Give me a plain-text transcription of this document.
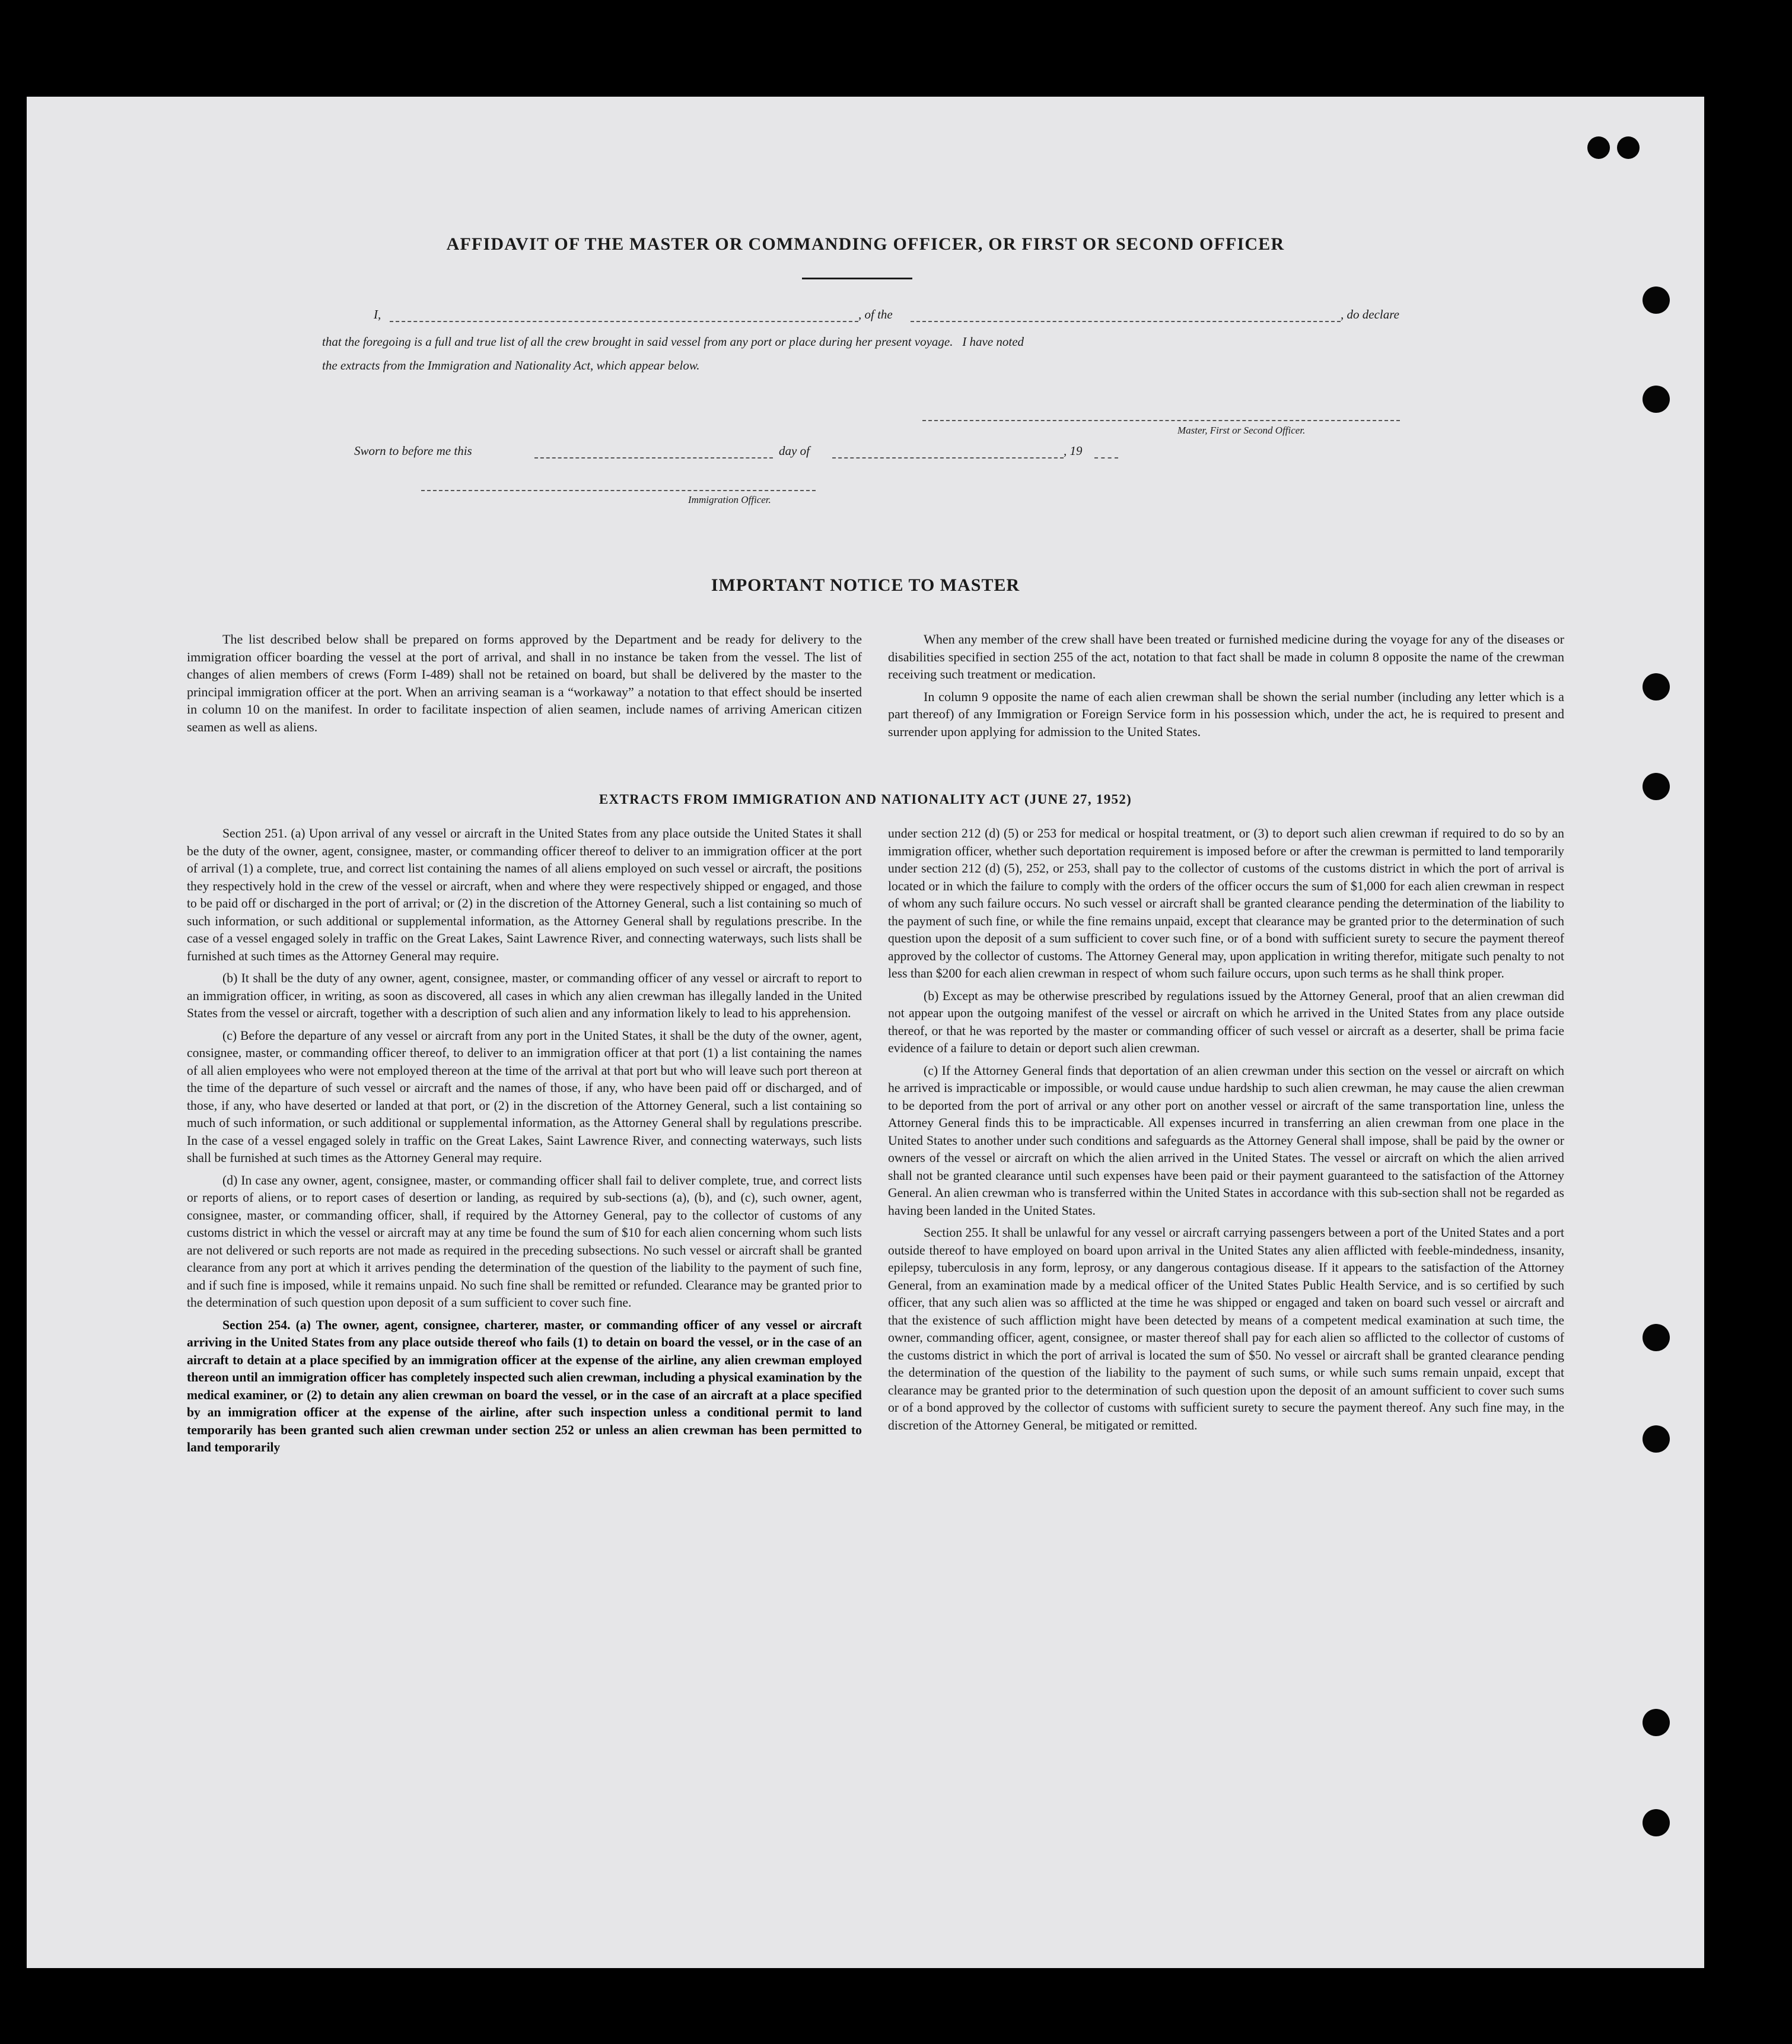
AFFIDAVIT OF THE MASTER OR COMMANDING OFFICER, OR FIRST OR SECOND OFFICER
I,	, of the	, do declare
that the foregoing is a full and true list of all the crew brought in said vessel from any port or place during her present voyage.   I have noted
the extracts from the Immigration and Nationality Act, which appear below.
Master, First or Second Officer.
Sworn to before me this	day of	, 19
Immigration Officer.
IMPORTANT NOTICE TO MASTER

The list described below shall be prepared on forms approved by the Department and be ready for delivery to the immigration officer boarding the vessel at the port of arrival, and shall in no instance be taken from the vessel. The list of changes of alien members of crews (Form I-489) shall not be retained on board, but shall be delivered by the master to the principal immigration officer at the port. When an arriving seaman is a “workaway” a notation to that effect should be inserted in column 10 on the manifest. In order to facilitate inspection of alien seamen, include names of arriving American citizen seamen as well as aliens.

When any member of the crew shall have been treated or furnished medicine during the voyage for any of the diseases or disabilities specified in section 255 of the act, notation to that fact shall be made in column 8 opposite the name of the crewman receiving such treatment or medication.

In column 9 opposite the name of each alien crewman shall be shown the serial number (including any letter which is a part thereof) of any Immigration or Foreign Service form in his possession which, under the act, he is required to present and surrender upon applying for admission to the United States.

EXTRACTS FROM IMMIGRATION AND NATIONALITY ACT (JUNE 27, 1952)

Section 251. (a) Upon arrival of any vessel or aircraft in the United States from any place outside the United States it shall be the duty of the owner, agent, consignee, master, or commanding officer thereof to deliver to an immigration officer at the port of arrival (1) a complete, true, and correct list containing the names of all aliens employed on such vessel or aircraft, the positions they respectively hold in the crew of the vessel or aircraft, when and where they were respectively shipped or engaged, and those to be paid off or discharged in the port of arrival; or (2) in the discretion of the Attorney General, such a list containing so much of such information, or such additional or supplemental information, as the Attorney General shall by regulations prescribe. In the case of a vessel engaged solely in traffic on the Great Lakes, Saint Lawrence River, and connecting waterways, such lists shall be furnished at such times as the Attorney General may require.

(b) It shall be the duty of any owner, agent, consignee, master, or commanding officer of any vessel or aircraft to report to an immigration officer, in writing, as soon as discovered, all cases in which any alien crewman has illegally landed in the United States from the vessel or aircraft, together with a description of such alien and any information likely to lead to his apprehension.

(c) Before the departure of any vessel or aircraft from any port in the United States, it shall be the duty of the owner, agent, consignee, master, or commanding officer thereof, to deliver to an immigration officer at that port (1) a list containing the names of all alien employees who were not employed thereon at the time of the arrival at that port but who will leave such port thereon at the time of the departure of such vessel or aircraft and the names of those, if any, who have been paid off or discharged, and of those, if any, who have deserted or landed at that port, or (2) in the discretion of the Attorney General, such a list containing so much of such information, or such additional or supplemental information, as the Attorney General shall by regulations prescribe. In the case of a vessel engaged solely in traffic on the Great Lakes, Saint Lawrence River, and connecting waterways, such lists shall be furnished at such times as the Attorney General may require.

(d) In case any owner, agent, consignee, master, or commanding officer shall fail to deliver complete, true, and correct lists or reports of aliens, or to report cases of desertion or landing, as required by sub-sections (a), (b), and (c), such owner, agent, consignee, master, or commanding officer, shall, if required by the Attorney General, pay to the collector of customs of any customs district in which the vessel or aircraft may at any time be found the sum of $10 for each alien concerning whom such lists are not delivered or such reports are not made as required in the preceding subsections. No such vessel or aircraft shall be granted clearance from any port at which it arrives pending the determination of the question of the liability to the payment of such fine, and if such fine is imposed, while it remains unpaid. No such fine shall be remitted or refunded. Clearance may be granted prior to the determination of such question upon deposit of a sum sufficient to cover such fine.

Section 254. (a) The owner, agent, consignee, charterer, master, or commanding officer of any vessel or aircraft arriving in the United States from any place outside thereof who fails (1) to detain on board the vessel, or in the case of an aircraft to detain at a place specified by an immigration officer at the expense of the airline, any alien crewman employed thereon until an immigration officer has completely inspected such alien crewman, including a physical examination by the medical examiner, or (2) to detain any alien crewman on board the vessel, or in the case of an aircraft at a place specified by an immigration officer at the expense of the airline, after such inspection unless a conditional permit to land temporarily has been granted such alien crewman under section 252 or unless an alien crewman has been permitted to land temporarily

under section 212 (d) (5) or 253 for medical or hospital treatment, or (3) to deport such alien crewman if required to do so by an immigration officer, whether such deportation requirement is imposed before or after the crewman is permitted to land temporarily under section 212 (d) (5), 252, or 253, shall pay to the collector of customs of the customs district in which the port of arrival is located or in which the failure to comply with the orders of the officer occurs the sum of $1,000 for each alien crewman in respect of whom any such failure occurs. No such vessel or aircraft shall be granted clearance pending the determination of the liability to the payment of such fine, or while the fine remains unpaid, except that clearance may be granted prior to the determination of such question upon the deposit of a sum sufficient to cover such fine, or of a bond with sufficient surety to secure the payment thereof approved by the collector of customs. The Attorney General may, upon application in writing therefor, mitigate such penalty to not less than $200 for each alien crewman in respect of whom such failure occurs, upon such terms as he shall think proper.

(b) Except as may be otherwise prescribed by regulations issued by the Attorney General, proof that an alien crewman did not appear upon the outgoing manifest of the vessel or aircraft on which he arrived in the United States from any place outside thereof, or that he was reported by the master or commanding officer of such vessel or aircraft as a deserter, shall be prima facie evidence of a failure to detain or deport such alien crewman.

(c) If the Attorney General finds that deportation of an alien crewman under this section on the vessel or aircraft on which he arrived is impracticable or impossible, or would cause undue hardship to such alien crewman, he may cause the alien crewman to be deported from the port of arrival or any other port on another vessel or aircraft of the same transportation line, unless the Attorney General finds this to be impracticable. All expenses incurred in transferring an alien crewman from one place in the United States to another under such conditions and safeguards as the Attorney General shall impose, shall be paid by the owner or owners of the vessel or aircraft on which the alien arrived in the United States. The vessel or aircraft on which the alien arrived shall not be granted clearance until such expenses have been paid or their payment guaranteed to the satisfaction of the Attorney General. An alien crewman who is transferred within the United States in accordance with this sub-section shall not be regarded as having been landed in the United States.

Section 255. It shall be unlawful for any vessel or aircraft carrying passengers between a port of the United States and a port outside thereof to have employed on board upon arrival in the United States any alien afflicted with feeble-mindedness, insanity, epilepsy, tuberculosis in any form, leprosy, or any dangerous contagious disease. If it appears to the satisfaction of the Attorney General, from an examination made by a medical officer of the United States Public Health Service, and is so certified by such officer, that any such alien was so afflicted at the time he was shipped or engaged and taken on board such vessel or aircraft and that the existence of such affliction might have been detected by means of a competent medical examination at such time, the owner, commanding officer, agent, consignee, or master thereof shall pay for each alien so afflicted to the collector of customs of the customs district in which the port of arrival is located the sum of $50. No vessel or aircraft shall be granted clearance pending the determination of the question of the liability to the payment of such sums, or while such sums remain unpaid, except that clearance may be granted prior to the determination of such question upon the deposit of an amount sufficient to cover such sums or of a bond approved by the collector of customs with sufficient surety to secure the payment thereof. Any such fine may, in the discretion of the Attorney General, be mitigated or remitted.
